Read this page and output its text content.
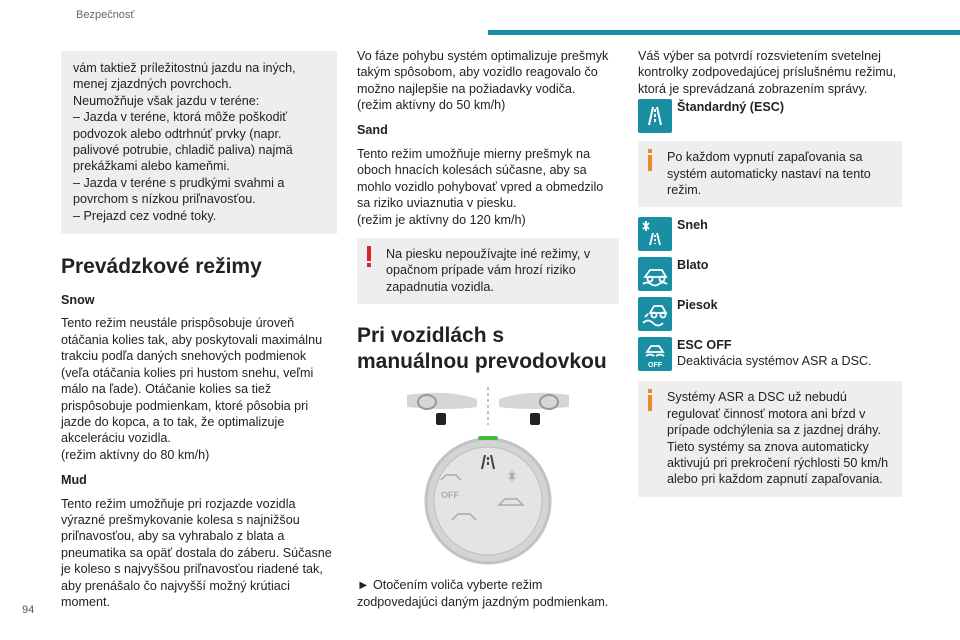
Bezpečnosť

vám taktiež príležitostnú jazdu na iných, menej zjazdných povrchoch.
Neumožňuje však jazdu v teréne:
– Jazda v teréne, ktorá môže poškodiť podvozok alebo odtrhnúť prvky (napr. palivové potrubie, chladič paliva) najmä prekážkami alebo kameňmi.
– Jazda v teréne s prudkými svahmi a povrchom s nízkou priľnavosťou.
– Prejazd cez vodné toky.

Prevádzkové režimy
Snow

Tento režim neustále prispôsobuje úroveň otáčania kolies tak, aby poskytovali maximálnu trakciu podľa daných snehových podmienok (veľa otáčania kolies pri hustom snehu, veľmi málo na ľade). Otáčanie kolies sa tiež prispôsobuje podmienkam, ktoré pôsobia pri jazde do kopca, a to tak, že optimalizuje akceleráciu vozidla.
(režim aktívny do 80 km/h)

Mud

Tento režim umožňuje pri rozjazde vozidla výrazné prešmykovanie kolesa s najnižšou priľnavosťou, aby sa vyhrabalo z blata a pneumatika sa opäť dostala do záberu. Súčasne je koleso s najvyššou priľnavosťou riadené tak, aby prenášalo čo najvyšší možný krútiaci moment.

Vo fáze pohybu systém optimalizuje prešmyk takým spôsobom, aby vozidlo reagovalo čo možno najlepšie na požiadavky vodiča.
(režim aktívny do 50 km/h)

Sand

Tento režim umožňuje mierny prešmyk na oboch hnacích kolesách súčasne, aby sa mohlo vozidlo pohybovať vpred a obmedzilo sa riziko uviaznutia v piesku.
(režim je aktívny do 120 km/h)

Na piesku nepoužívajte iné režimy, v opačnom prípade vám hrozí riziko zapadnutia vozidla.

Pri vozidlách s manuálnou prevodovkou
OFF

► Otočením voliča vyberte režim zodpovedajúci daným jazdným podmienkam.

Váš výber sa potvrdí rozsvietením svetelnej kontrolky zodpovedajúcej príslušnému režimu, ktorá je sprevádzaná zobrazením správy.

Štandardný (ESC)

Po každom vypnutí zapaľovania sa systém automaticky nastaví na tento režim.

Sneh
Blato
Piesok
OFF
ESC OFF
Deaktivácia systémov ASR a DSC.

Systémy ASR a DSC už nebudú regulovať činnosť motora ani bŕzd v prípade odchýlenia sa z jazdnej dráhy.
Tieto systémy sa znova automaticky aktivujú pri prekročení rýchlosti 50 km/h alebo pri každom zapnutí zapaľovania.

94
